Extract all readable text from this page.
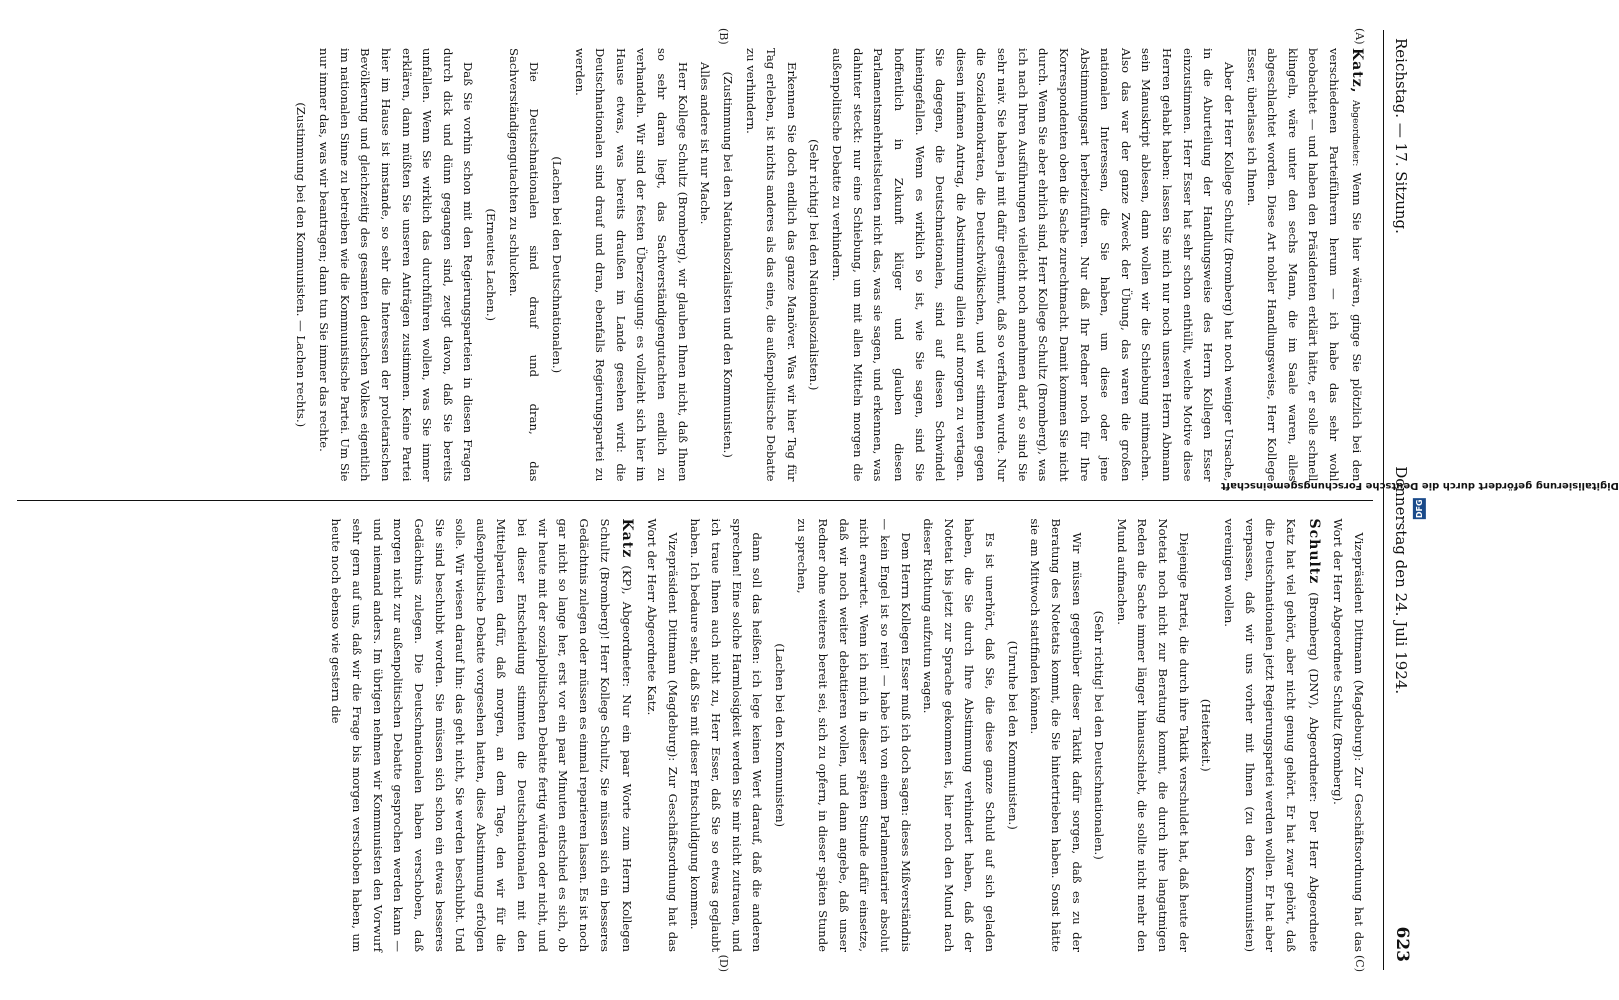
Reichstag. — 17. Sitzung.
Donnerstag den 24. Juli 1924.
623
(A)
(B)

Katz, Abgeordneter: Wenn Sie hier wären, ginge Sie plötzlich bei den verschiedenen Parteiführern herum — ich habe das sehr wohl beobachtet — und haben den Präsidenten erklärt hätte, er solle schnell klingeln, wäre unter den sechs Mann, die im Saale waren, alles abgeschlachtet worden. Diese Art nobler Handlungsweise, Herr Kollege Esser, überlasse ich Ihnen.

Aber der Herr Kollege Schultz (Bromberg) hat noch weniger Ursache, in die Aburteilung der Handlungsweise des Herrn Kollegen Esser einzustimmen. Herr Esser hat sehr schon enthüllt, welche Motive diese Herren gehabt haben: lassen Sie mich nur noch unseren Herrn Abmann sein Manuskript ablesen, dann wollen wir die Schiebung mitmachen. Also das war der ganze Zweck der Übung, das waren die großen nationalen Interessen, die Sie haben, um diese oder jene Abstimmungsart herbeizuführen. Nur daß Ihr Redner noch für Ihre Korrespondenten oben die Sache zurechtmacht. Damit kommen Sie nicht durch. Wenn Sie aber ehrlich sind, Herr Kollege Schultz (Bromberg), was ich nach Ihren Ausführungen vielleicht noch annehmen darf, so sind Sie sehr naiv. Sie haben ja mit dafür gestimmt, daß so verfahren wurde. Nur die Sozialdemokraten, die Deutschvölkischen, und wir stimmten gegen diesen infamen Antrag, die Abstimmung allein auf morgen zu vertagen. Sie dagegen, die Deutschnationalen, sind auf diesen Schwindel hineingefallen. Wenn es wirklich so ist, wie Sie sagen, sind Sie hoffentlich in Zukunft klüger und glauben diesen Parlamentsmehrheitsleuten nicht das, was sie sagen, und erkennen, was dahinter steckt: nur eine Schiebung, um mit allen Mitteln morgen die außenpolitische Debatte zu verhindern.

(Sehr richtig! bei den Nationalsozialisten.)

Erkennen Sie doch endlich das ganze Manöver. Was wir hier Tag für Tag erleben, ist nichts anderes als das eine, die außenpolitische Debatte zu verhindern.

(Zustimmung bei den Nationalsozialisten und den Kommunisten.)

Alles andere ist nur Mache.

Herr Kollege Schultz (Bromberg), wir glauben Ihnen nicht, daß Ihnen so sehr daran liegt, das Sachverständigengutachten endlich zu verhandeln. Wir sind der festen Überzeugung: es vollzieht sich hier im Hause etwas, was bereits draußen im Lande gesehen wird: die Deutschnationalen sind drauf und dran, ebenfalls Regierungspartei zu werden.

(Lachen bei den Deutschnationalen.)

Die Deutschnationalen sind drauf und dran, das Sachverständigengutachten zu schlucken.

(Erneutes Lachen.)

Daß Sie vorhin schon mit den Regierungsparteien in diesen Fragen durch dick und dünn gegangen sind, zeugt davon, daß Sie bereits umfallen. Wenn Sie wirklich das durchführen wollen, was Sie immer erklären, dann müßten Sie unseren Anträgen zustimmen. Keine Partei hier im Hause ist imstande, so sehr die Interessen der proletarischen Bevölkerung und gleichzeitig des gesamten deutschen Volkes eigentlich im nationalen Sinne zu betreiben wie die Kommunistische Partei. Um Sie nur immer das, was wir beantragen; dann tun Sie immer das rechte.

(Zustimmung bei den Kommunisten. — Lachen rechts.)

(C)
(D)

Vizepräsident Dittmann (Magdeburg): Zur Geschäftsordnung hat das Wort der Herr Abgeordnete Schultz (Bromberg).

Schultz (Bromberg) (DNV), Abgeordneter: Der Herr Abgeordnete Katz hat viel gehört, aber nicht genug gehört. Er hat zwar gehört, daß die Deutschnationalen jetzt Regierungspartei werden wollen. Er hat aber verpassen, daß wir uns vorher mit Ihnen (zu den Kommunisten) vereinigen wollen.

(Heiterkeit.)

Diejenige Partei, die durch ihre Taktik verschuldet hat, daß heute der Notetat noch nicht zur Beratung kommt, die durch ihre langatmigen Reden die Sache immer länger hinausschiebt, die sollte nicht mehr den Mund aufmachen.

(Sehr richtig! bei den Deutschnationalen.)

Wir müssen gegenüber dieser Taktik dafür sorgen, daß es zu der Beratung des Notetats kommt, die Sie hintertrieben haben. Sonst hätte sie am Mittwoch stattfinden können.

(Unruhe bei den Kommunisten.)

Es ist unerhört, daß Sie, die diese ganze Schuld auf sich geladen haben, die Sie durch Ihre Abstimmung verhindert haben, daß der Notetat bis jetzt zur Sprache gekommen ist, hier noch den Mund nach dieser Richtung aufzutun wagen.

Dem Herrn Kollegen Esser muß ich doch sagen: dieses Mißverständnis — kein Engel ist so rein! — habe ich von einem Parlamentarier absolut nicht erwartet. Wenn ich mich in dieser späten Stunde dafür einsetze, daß wir noch weiter debattieren wollen, und dann angebe, daß unser Redner ohne weiteres bereit sei, sich zu opfern, in dieser späten Stunde zu sprechen,

(Lachen bei den Kommunisten)

dann soll das heißen: ich lege keinen Wert darauf, daß die anderen sprechen! Eine solche Harmlosigkeit werden Sie mir nicht zutrauen, und ich traue Ihnen auch nicht zu, Herr Esser, daß Sie so etwas geglaubt haben. Ich bedaure sehr, daß Sie mit dieser Entschuldigung kommen.

Vizepräsident Dittmann (Magdeburg): Zur Geschäftsordnung hat das Wort der Herr Abgeordnete Katz.

Katz (KP), Abgeordneter: Nur ein paar Worte zum Herrn Kollegen Schultz (Bromberg)! Herr Kollege Schultz, Sie müssen sich ein besseres Gedächtnis zulegen oder müssen es einmal reparieren lassen. Es ist noch gar nicht so lange her, erst vor ein paar Minuten entschied es sich, ob wir heute mit der sozialpolitischen Debatte fertig würden oder nicht, und bei dieser Entscheidung stimmten die Deutschnationalen mit den Mittelparteien dafür, daß morgen, an dem Tage, den wir für die außenpolitische Debatte vorgesehen hatten, diese Abstimmung erfolgen solle. Wir wiesen darauf hin: das geht nicht, Sie werden beschubbt. Und Sie sind beschubbt worden. Sie müssen sich schon ein etwas besseres Gedächtnis zulegen. Die Deutschnationalen haben verschoben, daß morgen nicht zur außenpolitischen Debatte gesprochen werden kann — und niemand anders. Im übrigen nehmen wir Kommunisten den Vorwurf sehr gern auf uns, daß wir die Frage bis morgen verschoben haben, um heute noch ebenso wie gestern die

DFG Digitalisierung gefördert durch die Deutsche Forschungsgemeinschaft
